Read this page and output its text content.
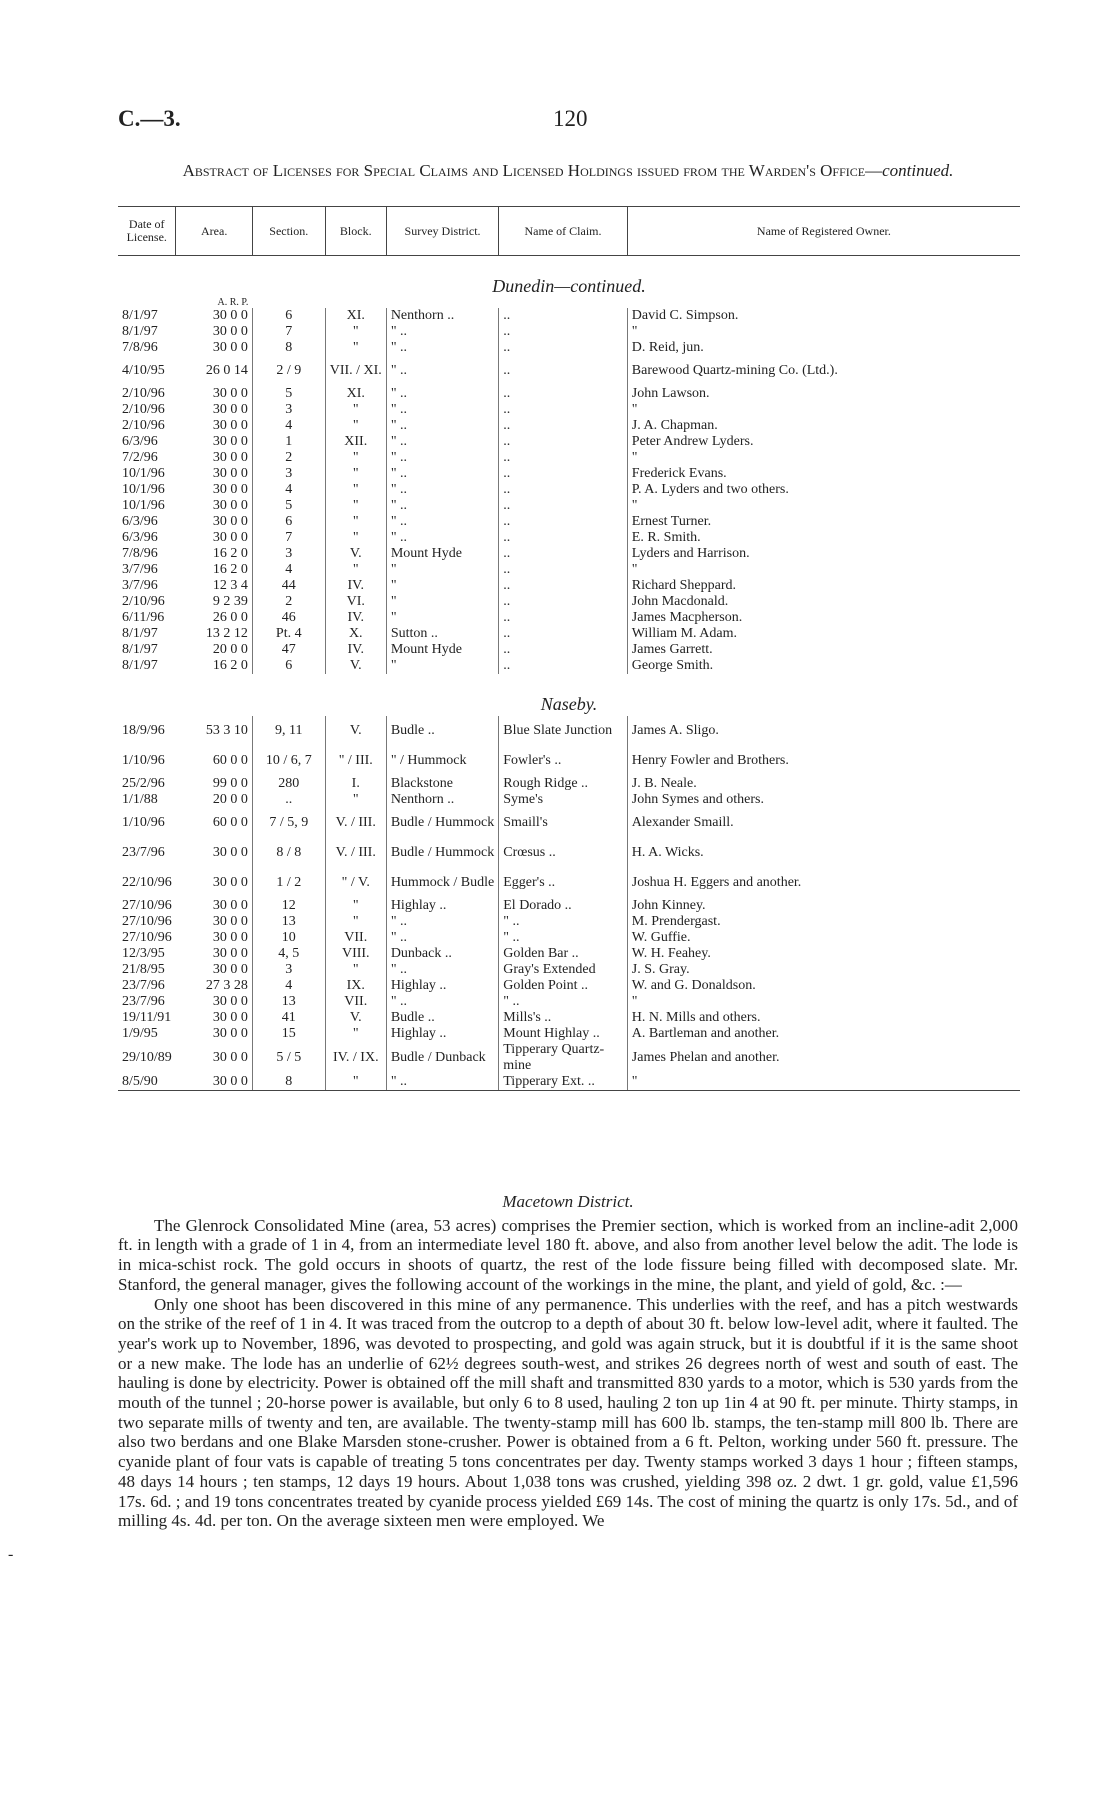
C.—3.	120
Abstract of Licenses for Special Claims and Licensed Holdings issued from the Warden's Office—continued.
Date of License.	Area.	Section.	Block.	Survey District.	Name of Claim.	Name of Registered Owner.
Dunedin—continued.						
	A. R. P.					
8/1/97	30 0 0	6	XI.	Nenthorn ..	..	David C. Simpson.
8/1/97	30 0 0	7	"	" ..	..	"
7/8/96	30 0 0	8	"	" ..	..	D. Reid, jun.
4/10/95	26 0 14	2 / 9	VII. / XI.	" ..	..	Barewood Quartz-mining Co. (Ltd.).
2/10/96	30 0 0	5	XI.	" ..	..	John Lawson.
2/10/96	30 0 0	3	"	" ..	..	"
2/10/96	30 0 0	4	"	" ..	..	J. A. Chapman.
6/3/96	30 0 0	1	XII.	" ..	..	Peter Andrew Lyders.
7/2/96	30 0 0	2	"	" ..	..	"
10/1/96	30 0 0	3	"	" ..	..	Frederick Evans.
10/1/96	30 0 0	4	"	" ..	..	P. A. Lyders and two others.
10/1/96	30 0 0	5	"	" ..	..	"
6/3/96	30 0 0	6	"	" ..	..	Ernest Turner.
6/3/96	30 0 0	7	"	" ..	..	E. R. Smith.
7/8/96	16 2 0	3	V.	Mount Hyde	..	Lyders and Harrison.
3/7/96	16 2 0	4	"	"	..	"
3/7/96	12 3 4	44	IV.	"	..	Richard Sheppard.
2/10/96	9 2 39	2	VI.	"	..	John Macdonald.
6/11/96	26 0 0	46	IV.	"	..	James Macpherson.
8/1/97	13 2 12	Pt. 4	X.	Sutton ..	..	William M. Adam.
8/1/97	20 0 0	47	IV.	Mount Hyde	..	James Garrett.
8/1/97	16 2 0	6	V.	"	..	George Smith.
Naseby.						
18/9/96	53 3 10	9, 11	V.	Budle ..	Blue Slate Junction	James A. Sligo.
1/10/96	60 0 0	10 / 6, 7	" / III.	" / Hummock	Fowler's ..	Henry Fowler and Brothers.
25/2/96	99 0 0	280	I.	Blackstone	Rough Ridge ..	J. B. Neale.
1/1/88	20 0 0	..	"	Nenthorn ..	Syme's	John Symes and others.
1/10/96	60 0 0	7 / 5, 9	V. / III.	Budle / Hummock	Smaill's	Alexander Smaill.
23/7/96	30 0 0	8 / 8	V. / III.	Budle / Hummock	Crœsus ..	H. A. Wicks.
22/10/96	30 0 0	1 / 2	" / V.	Hummock / Budle	Egger's ..	Joshua H. Eggers and another.
27/10/96	30 0 0	12	"	Highlay ..	El Dorado ..	John Kinney.
27/10/96	30 0 0	13	"	" ..	" ..	M. Prendergast.
27/10/96	30 0 0	10	VII.	" ..	" ..	W. Guffie.
12/3/95	30 0 0	4, 5	VIII.	Dunback ..	Golden Bar ..	W. H. Feahey.
21/8/95	30 0 0	3	"	" ..	Gray's Extended	J. S. Gray.
23/7/96	27 3 28	4	IX.	Highlay ..	Golden Point ..	W. and G. Donaldson.
23/7/96	30 0 0	13	VII.	" ..	" ..	"
19/11/91	30 0 0	41	V.	Budle ..	Mills's ..	H. N. Mills and others.
1/9/95	30 0 0	15	"	Highlay ..	Mount Highlay ..	A. Bartleman and another.
29/10/89	30 0 0	5 / 5	IV. / IX.	Budle / Dunback	Tipperary Quartz-mine	James Phelan and another.
8/5/90	30 0 0	8	"	" ..	Tipperary Ext. ..	"
Macetown District.

The Glenrock Consolidated Mine (area, 53 acres) comprises the Premier section, which is worked from an incline-adit 2,000 ft. in length with a grade of 1 in 4, from an intermediate level 180 ft. above, and also from another level below the adit. The lode is in mica-schist rock. The gold occurs in shoots of quartz, the rest of the lode fissure being filled with decomposed slate. Mr. Stanford, the general manager, gives the following account of the workings in the mine, the plant, and yield of gold, &c. :—

Only one shoot has been discovered in this mine of any permanence. This underlies with the reef, and has a pitch westwards on the strike of the reef of 1 in 4. It was traced from the outcrop to a depth of about 30 ft. below low-level adit, where it faulted. The year's work up to November, 1896, was devoted to prospecting, and gold was again struck, but it is doubtful if it is the same shoot or a new make. The lode has an underlie of 62½ degrees south-west, and strikes 26 degrees north of west and south of east. The hauling is done by electricity. Power is obtained off the mill shaft and transmitted 830 yards to a motor, which is 530 yards from the mouth of the tunnel ; 20-horse power is available, but only 6 to 8 used, hauling 2 ton up 1in 4 at 90 ft. per minute. Thirty stamps, in two separate mills of twenty and ten, are available. The twenty-stamp mill has 600 lb. stamps, the ten-stamp mill 800 lb. There are also two berdans and one Blake Marsden stone-crusher. Power is obtained from a 6 ft. Pelton, working under 560 ft. pressure. The cyanide plant of four vats is capable of treating 5 tons concentrates per day. Twenty stamps worked 3 days 1 hour ; fifteen stamps, 48 days 14 hours ; ten stamps, 12 days 19 hours. About 1,038 tons was crushed, yielding 398 oz. 2 dwt. 1 gr. gold, value £1,596 17s. 6d. ; and 19 tons concentrates treated by cyanide process yielded £69 14s. The cost of mining the quartz is only 17s. 5d., and of milling 4s. 4d. per ton. On the average sixteen men were employed. We

-
